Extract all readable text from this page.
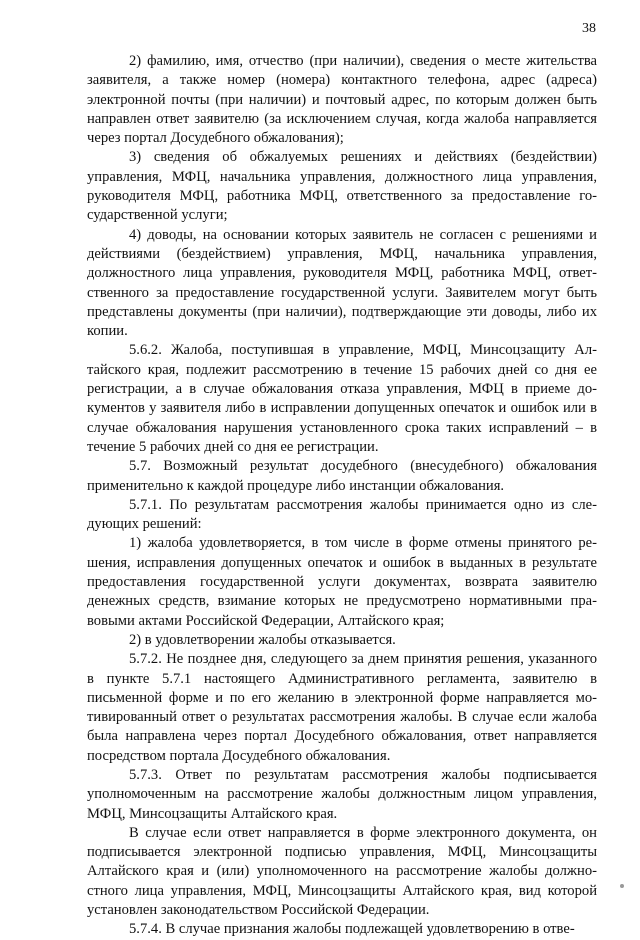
38

2) фамилию, имя, отчество (при наличии), сведения о месте жительства заявителя, а также номер (номера) контактного телефона, адрес (адреса) электронной почты (при наличии) и почтовый адрес, по которым должен быть направлен ответ заявителю (за исключением случая, когда жалоба направляется через портал Досудебного обжалования);

3) сведения об обжалуемых решениях и действиях (бездействии) управления, МФЦ, начальника управления, должностного лица управления, руководителя МФЦ, работника МФЦ, ответственного за предоставление государственной услуги;

4) доводы, на основании которых заявитель не согласен с решениями и действиями (бездействием) управления, МФЦ, начальника управления, должностного лица управления, руководителя МФЦ, работника МФЦ, ответственного за предоставление государственной услуги. Заявителем могут быть представлены документы (при наличии), подтверждающие эти доводы, либо их копии.

5.6.2. Жалоба, поступившая в управление, МФЦ, Минсоцзащиту Алтайского края, подлежит рассмотрению в течение 15 рабочих дней со дня ее регистрации, а в случае обжалования отказа управления, МФЦ в приеме документов у заявителя либо в исправлении допущенных опечаток и ошибок или в случае обжалования нарушения установленного срока таких исправлений – в течение 5 рабочих дней со дня ее регистрации.

5.7. Возможный результат досудебного (внесудебного) обжалования применительно к каждой процедуре либо инстанции обжалования.

5.7.1. По результатам рассмотрения жалобы принимается одно из следующих решений:

1) жалоба удовлетворяется, в том числе в форме отмены принятого решения, исправления допущенных опечаток и ошибок в выданных в результате предоставления государственной услуги документах, возврата заявителю денежных средств, взимание которых не предусмотрено нормативными правовыми актами Российской Федерации, Алтайского края;

2) в удовлетворении жалобы отказывается.

5.7.2. Не позднее дня, следующего за днем принятия решения, указанного в пункте 5.7.1 настоящего Административного регламента, заявителю в письменной форме и по его желанию в электронной форме направляется мотивированный ответ о результатах рассмотрения жалобы. В случае если жалоба была направлена через портал Досудебного обжалования, ответ направляется посредством портала Досудебного обжалования.

5.7.3. Ответ по результатам рассмотрения жалобы подписывается уполномоченным на рассмотрение жалобы должностным лицом управления, МФЦ, Минсоцзащиты Алтайского края.

В случае если ответ направляется в форме электронного документа, он подписывается электронной подписью управления, МФЦ, Минсоцзащиты Алтайского края и (или) уполномоченного на рассмотрение жалобы должностного лица управления, МФЦ, Минсоцзащиты Алтайского края, вид которой установлен законодательством Российской Федерации.

5.7.4. В случае признания жалобы подлежащей удовлетворению в отве-
